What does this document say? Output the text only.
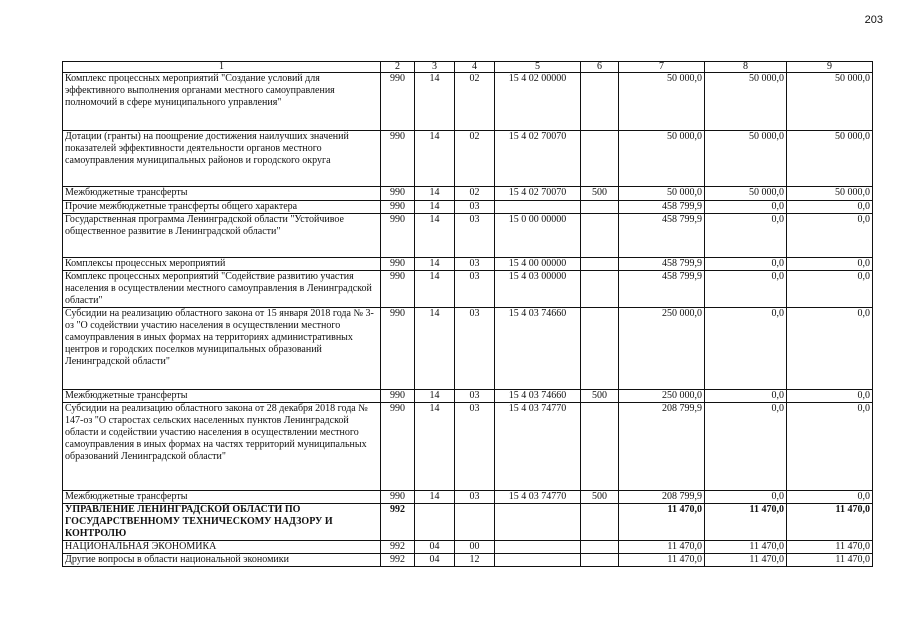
203
1	2	3	4	5	6	7	8	9
Комплекс процессных мероприятий "Создание условий для эффективного выполнения органами местного самоуправления полномочий в сфере муниципального управления"	990	14	02	15 4 02 00000		50 000,0	50 000,0	50 000,0
Дотации (гранты) на поощрение достижения наилучших значений показателей эффективности деятельности органов местного самоуправления муниципальных районов и городского округа	990	14	02	15 4 02 70070		50 000,0	50 000,0	50 000,0
Межбюджетные трансферты	990	14	02	15 4 02 70070	500	50 000,0	50 000,0	50 000,0
Прочие межбюджетные трансферты общего характера	990	14	03			458 799,9	0,0	0,0
Государственная программа Ленинградской области "Устойчивое общественное развитие в Ленинградской области"	990	14	03	15 0 00 00000		458 799,9	0,0	0,0
Комплексы процессных мероприятий	990	14	03	15 4 00 00000		458 799,9	0,0	0,0
Комплекс процессных мероприятий "Содействие развитию участия населения в осуществлении местного самоуправления в Ленинградской области"	990	14	03	15 4 03 00000		458 799,9	0,0	0,0
Субсидии на реализацию областного закона от 15 января 2018 года № 3-оз "О содействии участию населения в осуществлении местного самоуправления в иных формах на территориях административных центров и городских поселков муниципальных образований Ленинградской области"	990	14	03	15 4 03 74660		250 000,0	0,0	0,0
Межбюджетные трансферты	990	14	03	15 4 03 74660	500	250 000,0	0,0	0,0
Субсидии на реализацию областного закона от 28 декабря 2018 года № 147-оз "О старостах сельских населенных пунктов Ленинградской области и содействии участию населения в осуществлении местного самоуправления в иных формах на частях территорий муниципальных образований Ленинградской области"	990	14	03	15 4 03 74770		208 799,9	0,0	0,0
Межбюджетные трансферты	990	14	03	15 4 03 74770	500	208 799,9	0,0	0,0
УПРАВЛЕНИЕ ЛЕНИНГРАДСКОЙ ОБЛАСТИ ПО ГОСУДАРСТВЕННОМУ ТЕХНИЧЕСКОМУ НАДЗОРУ И КОНТРОЛЮ	992					11 470,0	11 470,0	11 470,0
НАЦИОНАЛЬНАЯ ЭКОНОМИКА	992	04	00			11 470,0	11 470,0	11 470,0
Другие вопросы в области национальной экономики	992	04	12			11 470,0	11 470,0	11 470,0
